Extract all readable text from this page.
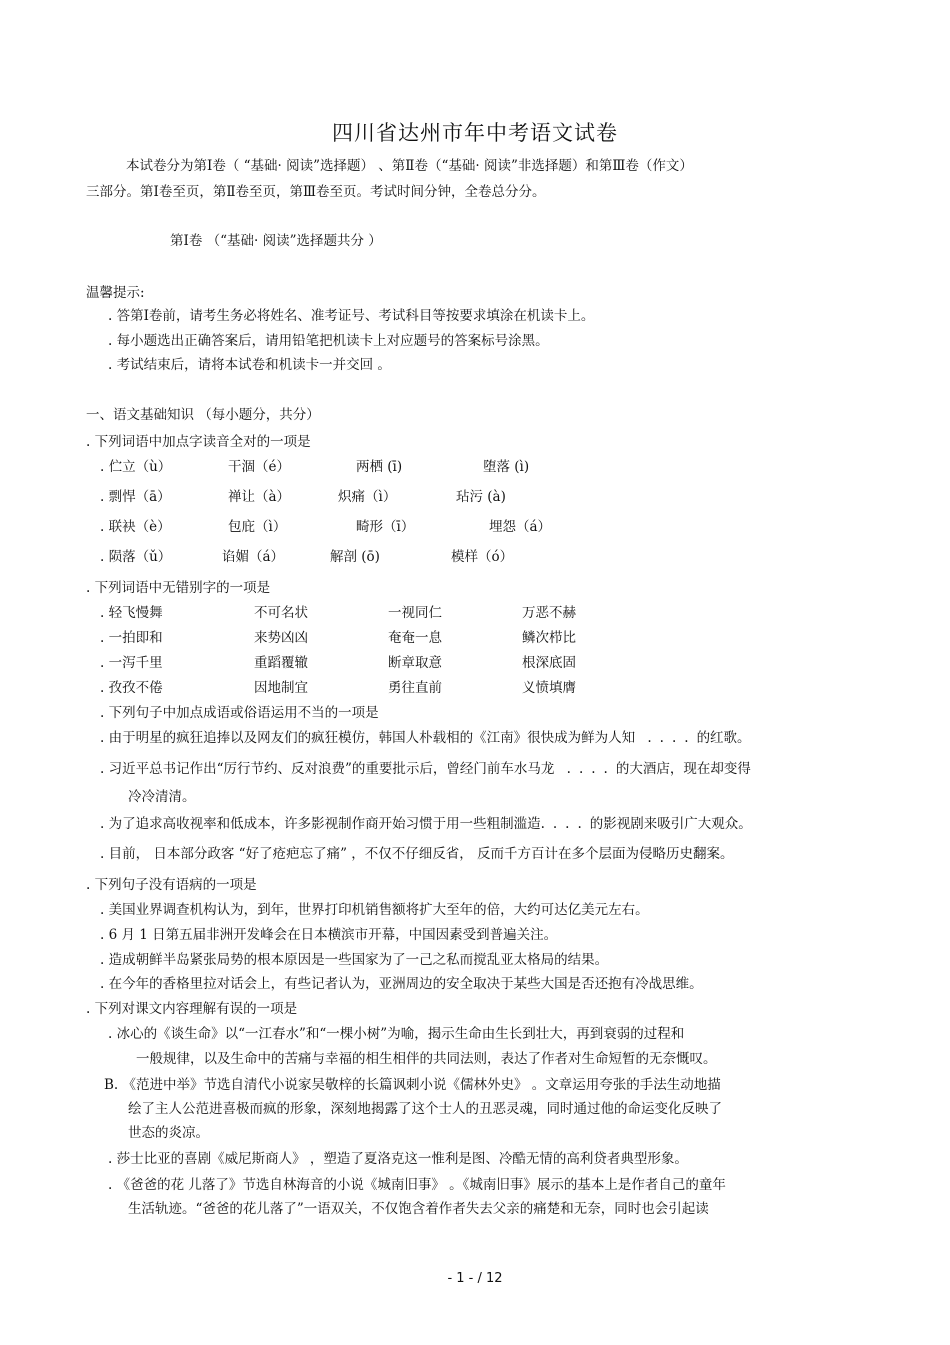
四川省达州市年中考语文试卷
本试卷分为第Ⅰ卷（ “基础· 阅读”选择题） 、第Ⅱ卷（“基础· 阅读”非选择题）和第Ⅲ卷（作文）
三部分。第Ⅰ卷至页，第Ⅱ卷至页，第Ⅲ卷至页。考试时间分钟，全卷总分分。
第Ⅰ卷 （“基础· 阅读”选择题共分 ）
温馨提示:
. 答第Ⅰ卷前，请考生务必将姓名、准考证号、考试科目等按要求填涂在机读卡上。
. 每小题选出正确答案后，请用铅笔把机读卡上对应题号的答案标号涂黑。
. 考试结束后，请将本试卷和机读卡一并交回 。
一、语文基础知识 （每小题分，共分）
. 下列词语中加点字读音全对的一项是
. 伫立（ù）	干涸（é）	两栖 (ī)	堕落 (ì)
. 剽悍（ā）	禅让（à）	炽痛（ì）	玷污 (à)
. 联袂（è）	包庇（ì）	畸形（ī）	埋怨（á）
. 陨落（ǔ）	谄媚（á）	解剖 (ō)	模样（ó）
. 下列词语中无错别字的一项是
. 轻飞慢舞	不可名状	一视同仁	万恶不赫
. 一拍即和	来势凶凶	奄奄一息	鳞次栉比
. 一泻千里	重蹈覆辙	断章取意	根深底固
. 孜孜不倦	因地制宜	勇往直前	义愤填膺
. 下列句子中加点成语或俗语运用不当的一项是
. 由于明星的疯狂追捧以及网友们的疯狂模仿，韩国人朴载相的《江南》很快成为鲜为人知 ....的红歌。
. 习近平总书记作出“厉行节约、反对浪费”的重要批示后，曾经门前车水马龙 ....的大酒店，现在却变得
冷冷清清。
. 为了追求高收视率和低成本，许多影视制作商开始习惯于用一些粗制滥造....的影视剧来吸引广大观众。
. 目前， 日本部分政客 “好了疮疤忘了痛” ，不仅不仔细反省， 反而千方百计在多个层面为侵略历史翻案。
. 下列句子没有语病的一项是
. 美国业界调查机构认为，到年，世界打印机销售额将扩大至年的倍，大约可达亿美元左右。
. 6 月 1 日第五届非洲开发峰会在日本横滨市开幕，中国因素受到普遍关注。
. 造成朝鲜半岛紧张局势的根本原因是一些国家为了一己之私而搅乱亚太格局的结果。
. 在今年的香格里拉对话会上，有些记者认为，亚洲周边的安全取决于某些大国是否还抱有冷战思维。
. 下列对课文内容理解有误的一项是
. 冰心的《谈生命》以“一江春水”和“一棵小树”为喻，揭示生命由生长到壮大，再到衰弱的过程和
一般规律，以及生命中的苦痛与幸福的相生相伴的共同法则，表达了作者对生命短暂的无奈慨叹。
B. 《范进中举》节选自清代小说家吴敬梓的长篇讽刺小说《儒林外史》 。文章运用夸张的手法生动地描
绘了主人公范进喜极而疯的形象，深刻地揭露了这个士人的丑恶灵魂，同时通过他的命运变化反映了
世态的炎凉。
. 莎士比亚的喜剧《威尼斯商人》 ，塑造了夏洛克这一惟利是图、冷酷无情的高利贷者典型形象。
. 《爸爸的花 儿落了》节选自林海音的小说《城南旧事》 。《城南旧事》展示的基本上是作者自己的童年
生活轨迹。“爸爸的花儿落了”一语双关，不仅饱含着作者失去父亲的痛楚和无奈，同时也会引起读
- 1 - / 12
